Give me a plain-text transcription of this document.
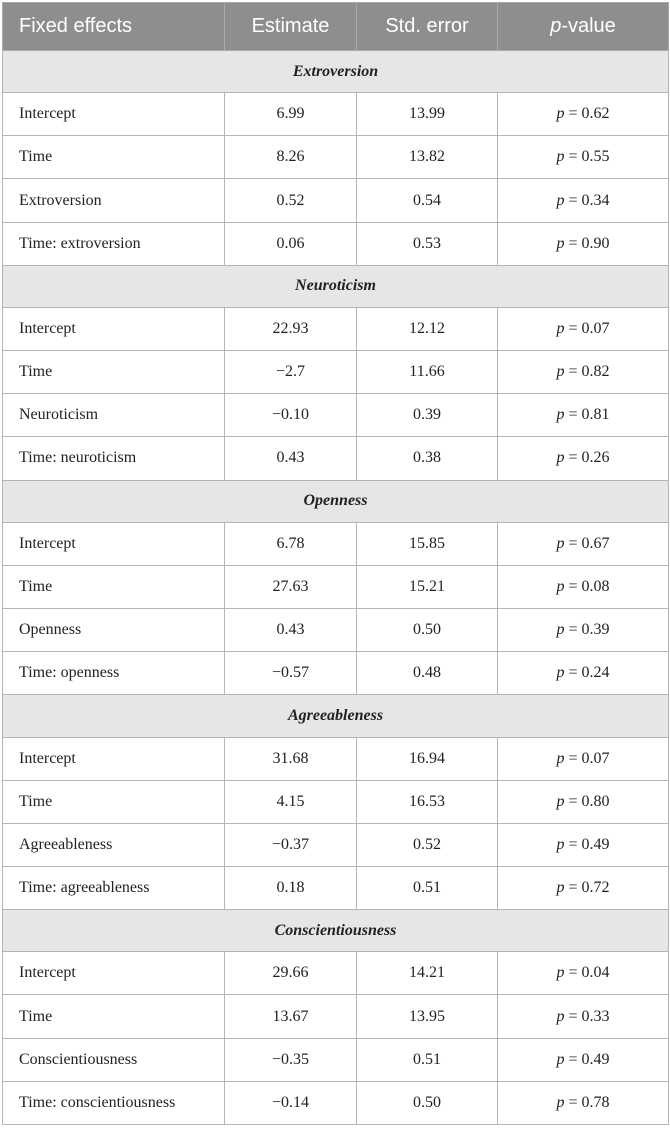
Fixed effects	Estimate	Std. error	p-value
Extroversion			
Intercept	6.99	13.99	p = 0.62
Time	8.26	13.82	p = 0.55
Extroversion	0.52	0.54	p = 0.34
Time: extroversion	0.06	0.53	p = 0.90
Neuroticism			
Intercept	22.93	12.12	p = 0.07
Time	−2.7	11.66	p = 0.82
Neuroticism	−0.10	0.39	p = 0.81
Time: neuroticism	0.43	0.38	p = 0.26
Openness			
Intercept	6.78	15.85	p = 0.67
Time	27.63	15.21	p = 0.08
Openness	0.43	0.50	p = 0.39
Time: openness	−0.57	0.48	p = 0.24
Agreeableness			
Intercept	31.68	16.94	p = 0.07
Time	4.15	16.53	p = 0.80
Agreeableness	−0.37	0.52	p = 0.49
Time: agreeableness	0.18	0.51	p = 0.72
Conscientiousness			
Intercept	29.66	14.21	p = 0.04
Time	13.67	13.95	p = 0.33
Conscientiousness	−0.35	0.51	p = 0.49
Time: conscientiousness	−0.14	0.50	p = 0.78
